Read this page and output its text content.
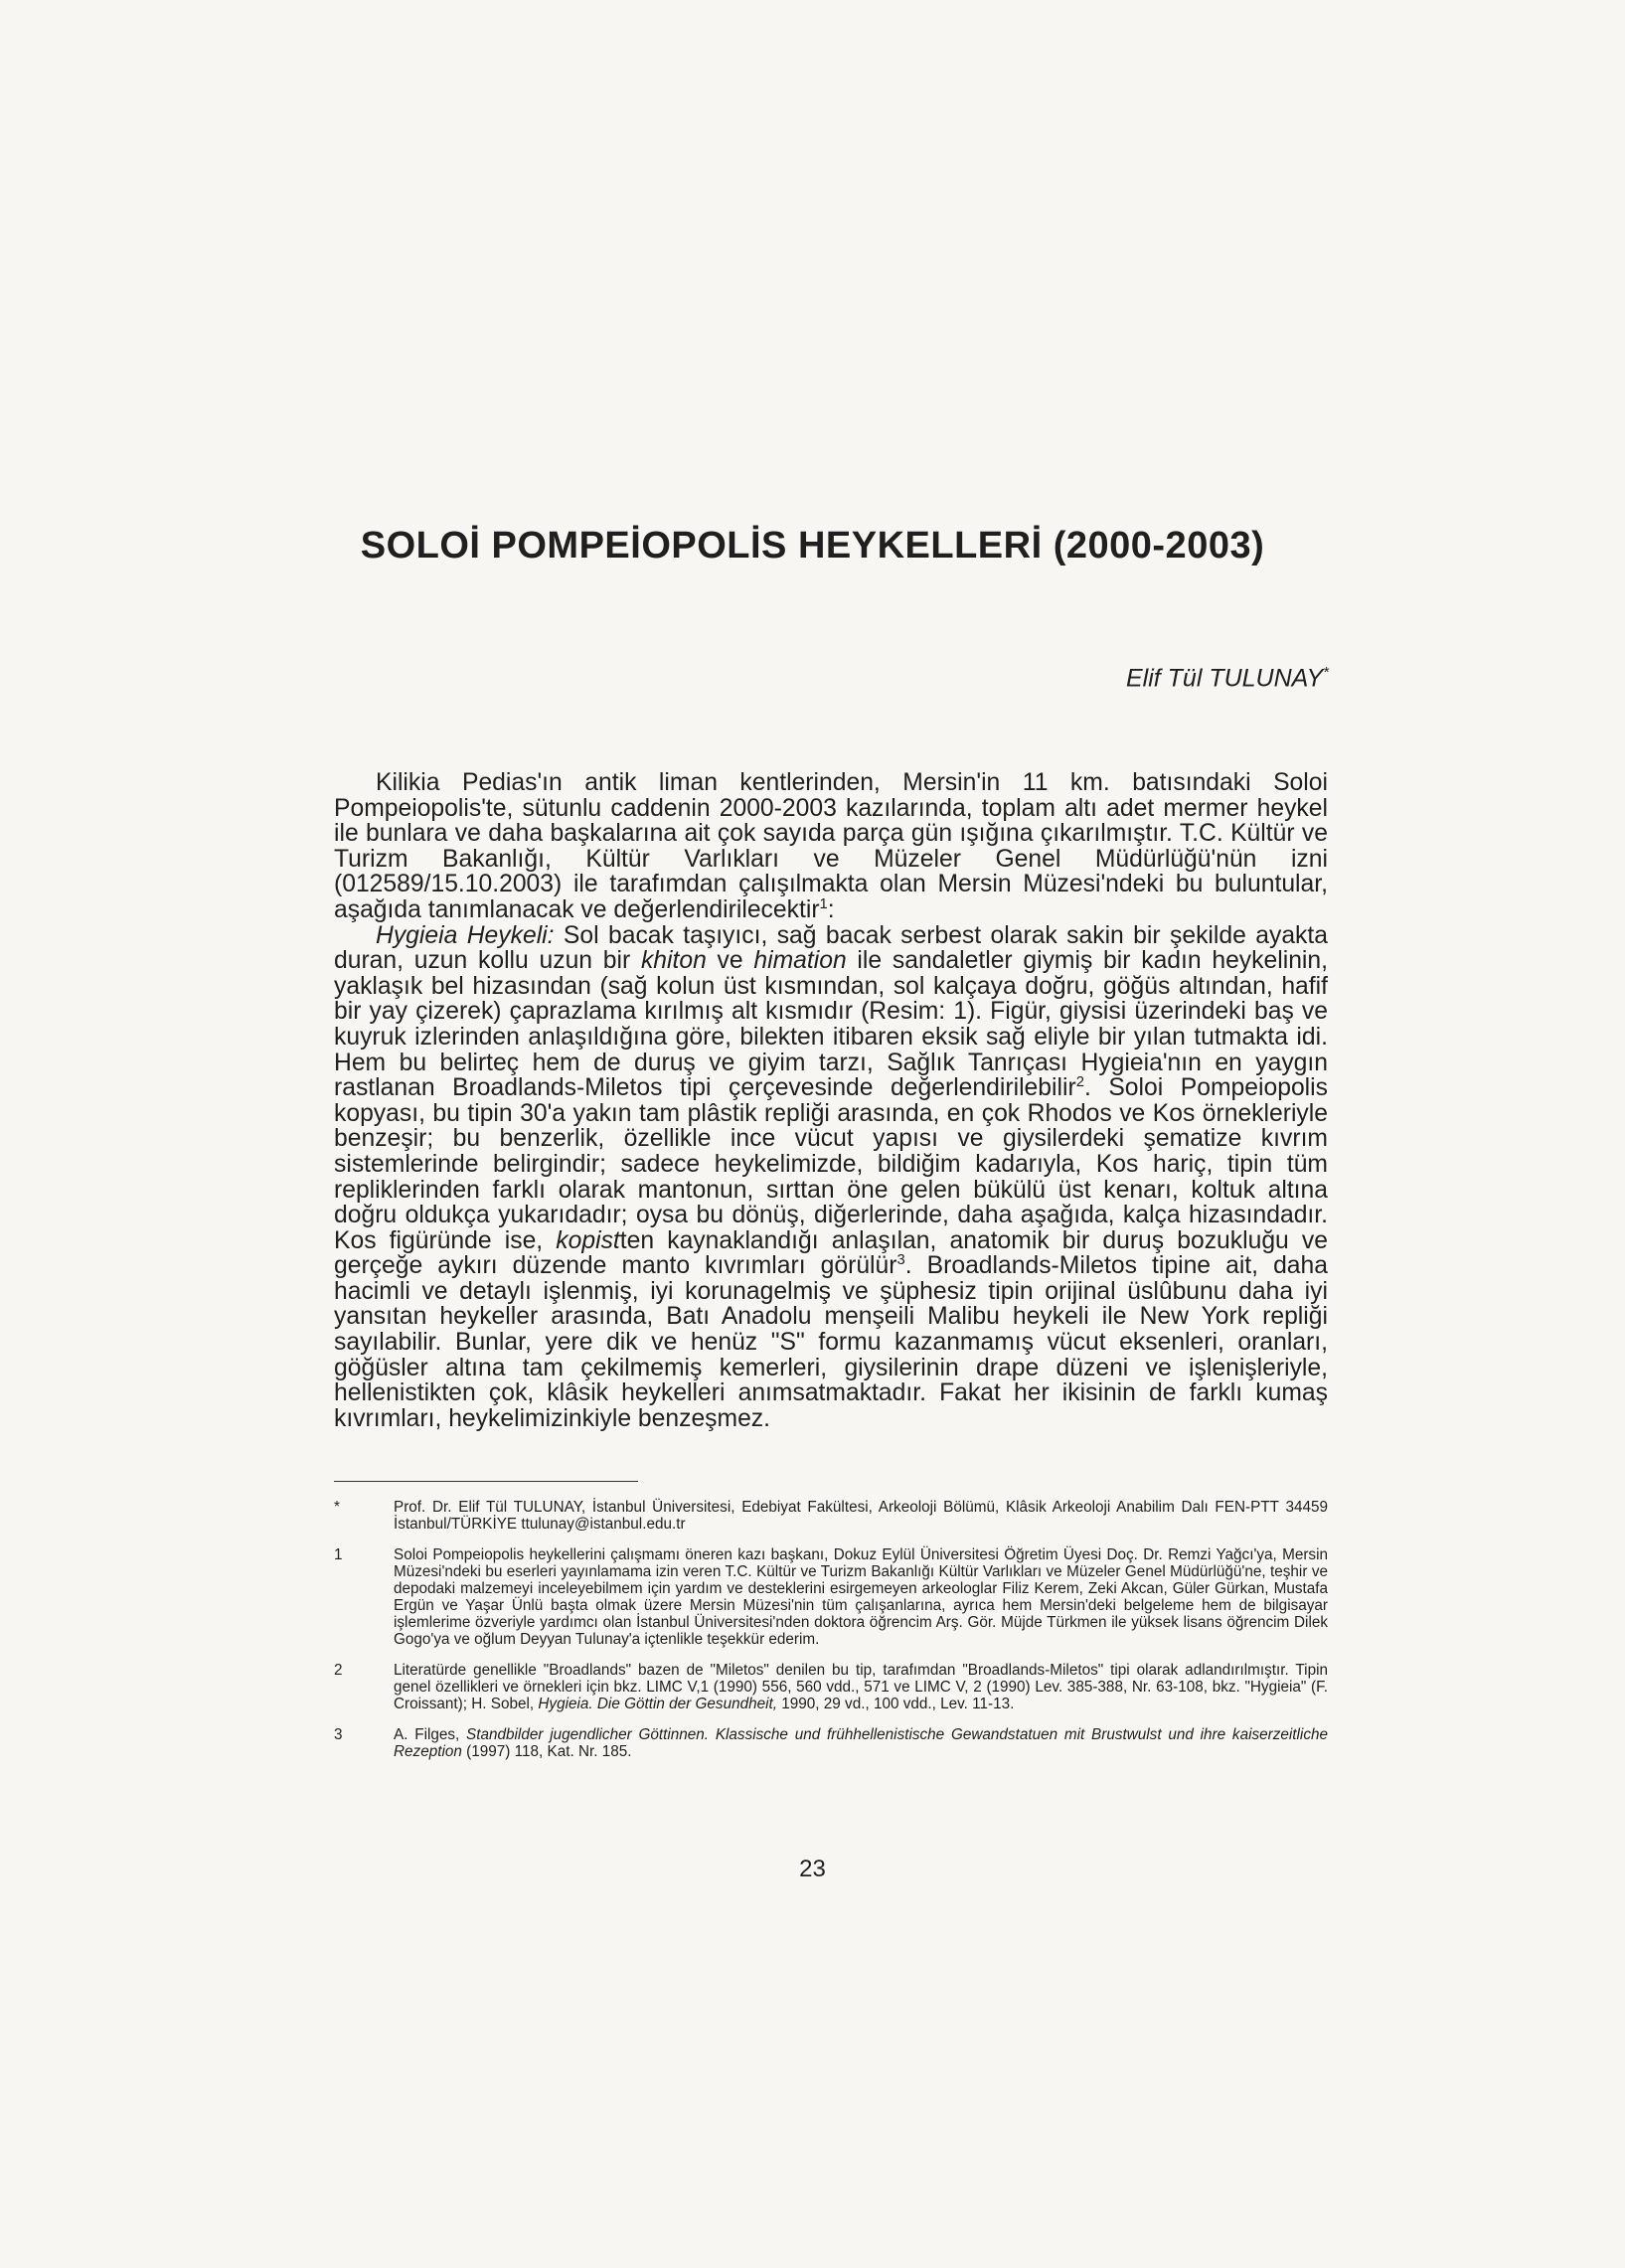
SOLOİ POMPEİOPOLİS HEYKELLERİ (2000-2003)
Elif Tül TULUNAY*

Kilikia Pedias'ın antik liman kentlerinden, Mersin'in 11 km. batısındaki Soloi Pompeiopolis'te, sütunlu caddenin 2000-2003 kazılarında, toplam altı adet mermer heykel ile bunlara ve daha başkalarına ait çok sayıda parça gün ışığına çıkarılmıştır. T.C. Kültür ve Turizm Bakanlığı, Kültür Varlıkları ve Müzeler Genel Müdürlüğü'nün izni (012589/15.10.2003) ile tarafımdan çalışılmakta olan Mersin Müzesi'ndeki bu buluntular, aşağıda tanımlanacak ve değerlendirilecektir$^1$:

Hygieia Heykeli: Sol bacak taşıyıcı, sağ bacak serbest olarak sakin bir şekilde ayakta duran, uzun kollu uzun bir khiton ve himation ile sandaletler giymiş bir kadın heykelinin, yaklaşık bel hizasından (sağ kolun üst kısmından, sol kalçaya doğru, göğüs altından, hafif bir yay çizerek) çaprazlama kırılmış alt kısmıdır (Resim: 1). Figür, giysisi üzerindeki baş ve kuyruk izlerinden anlaşıldığına göre, bilekten itibaren eksik sağ eliyle bir yılan tutmakta idi. Hem bu belirteç hem de duruş ve giyim tarzı, Sağlık Tanrıçası Hygieia'nın en yaygın rastlanan Broadlands-Miletos tipi çerçevesinde değerlendirilebilir$^2$. Soloi Pompeiopolis kopyası, bu tipin 30'a yakın tam plâstik repliği arasında, en çok Rhodos ve Kos örnekleriyle benzeşir; bu benzerlik, özellikle ince vücut yapısı ve giysilerdeki şematize kıvrım sistemlerinde belirgindir; sadece heykelimizde, bildiğim kadarıyla, Kos hariç, tipin tüm repliklerinden farklı olarak mantonun, sırttan öne gelen bükülü üst kenarı, koltuk altına doğru oldukça yukarıdadır; oysa bu dönüş, diğerlerinde, daha aşağıda, kalça hizasındadır. Kos figüründe ise, kopistten kaynaklandığı anlaşılan, anatomik bir duruş bozukluğu ve gerçeğe aykırı düzende manto kıvrımları görülür$^3$. Broadlands-Miletos tipine ait, daha hacimli ve detaylı işlenmiş, iyi korunagelmiş ve şüphesiz tipin orijinal üslûbunu daha iyi yansıtan heykeller arasında, Batı Anadolu menşeili Malibu heykeli ile New York repliği sayılabilir. Bunlar, yere dik ve henüz "S" formu kazanmamış vücut eksenleri, oranları, göğüsler altına tam çekilmemiş kemerleri, giysilerinin drape düzeni ve işlenişleriyle, hellenistikten çok, klâsik heykelleri anımsatmaktadır. Fakat her ikisinin de farklı kumaş kıvrımları, heykelimizinkiyle benzeşmez.

*	Prof. Dr. Elif Tül TULUNAY, İstanbul Üniversitesi, Edebiyat Fakültesi, Arkeoloji Bölümü, Klâsik Arkeoloji Anabilim Dalı FEN-PTT 34459 İstanbul/TÜRKİYE ttulunay@istanbul.edu.tr
1	Soloi Pompeiopolis heykellerini çalışmamı öneren kazı başkanı, Dokuz Eylül Üniversitesi Öğretim Üyesi Doç. Dr. Remzi Yağcı'ya, Mersin Müzesi'ndeki bu eserleri yayınlamama izin veren T.C. Kültür ve Turizm Bakanlığı Kültür Varlıkları ve Müzeler Genel Müdürlüğü'ne, teşhir ve depodaki malzemeyi inceleyebilmem için yardım ve desteklerini esirgemeyen arkeologlar Filiz Kerem, Zeki Akcan, Güler Gürkan, Mustafa Ergün ve Yaşar Ünlü başta olmak üzere Mersin Müzesi'nin tüm çalışanlarına, ayrıca hem Mersin'deki belgeleme hem de bilgisayar işlemlerime özveriyle yardımcı olan İstanbul Üniversitesi'nden doktora öğrencim Arş. Gör. Müjde Türkmen ile yüksek lisans öğrencim Dilek Gogo'ya ve oğlum Deyyan Tulunay'a içtenlikle teşekkür ederim.
2	Literatürde genellikle "Broadlands" bazen de "Miletos" denilen bu tip, tarafımdan "Broadlands-Miletos" tipi olarak adlandırılmıştır. Tipin genel özellikleri ve örnekleri için bkz. LIMC V,1 (1990) 556, 560 vdd., 571 ve LIMC V, 2 (1990) Lev. 385-388, Nr. 63-108, bkz. "Hygieia" (F. Croissant); H. Sobel, Hygieia. Die Göttin der Gesundheit, 1990, 29 vd., 100 vdd., Lev. 11-13.
3	A. Filges, Standbilder jugendlicher Göttinnen. Klassische und frühhellenistische Gewandstatuen mit Brustwulst und ihre kaiserzeitliche Rezeption (1997) 118, Kat. Nr. 185.
23
